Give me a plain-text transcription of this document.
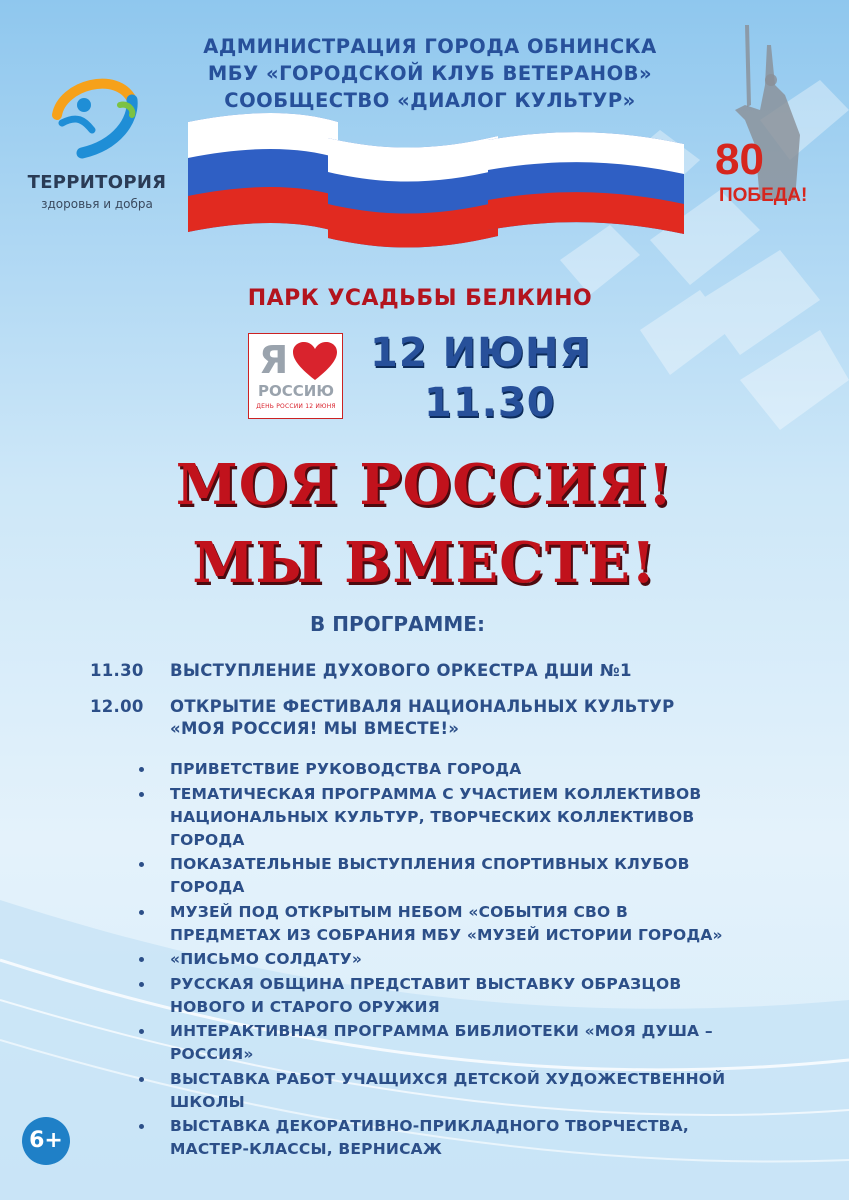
АДМИНИСТРАЦИЯ ГОРОДА ОБНИНСКА
МБУ «ГОРОДСКОЙ КЛУБ ВЕТЕРАНОВ»
СООБЩЕСТВО «ДИАЛОГ КУЛЬТУР»
ТЕРРИТОРИЯ
здоровья и добра
80
ПОБЕДА!
ПАРК УСАДЬБЫ БЕЛКИНО
Я
РОССИЮ
ДЕНЬ РОССИИ 12 ИЮНЯ
12 ИЮНЯ
11.30
МОЯ РОССИЯ!
МЫ ВМЕСТЕ!
В ПРОГРАММЕ:
11.30 ВЫСТУПЛЕНИЕ ДУХОВОГО ОРКЕСТРА ДШИ №1
12.00 ОТКРЫТИЕ ФЕСТИВАЛЯ НАЦИОНАЛЬНЫХ КУЛЬТУР
«МОЯ РОССИЯ! МЫ ВМЕСТЕ!»
ПРИВЕТСТВИЕ РУКОВОДСТВА ГОРОДА
ТЕМАТИЧЕСКАЯ ПРОГРАММА С УЧАСТИЕМ КОЛЛЕКТИВОВ
НАЦИОНАЛЬНЫХ КУЛЬТУР, ТВОРЧЕСКИХ КОЛЛЕКТИВОВ
ГОРОДА
ПОКАЗАТЕЛЬНЫЕ ВЫСТУПЛЕНИЯ СПОРТИВНЫХ КЛУБОВ
ГОРОДА
МУЗЕЙ ПОД ОТКРЫТЫМ НЕБОМ «СОБЫТИЯ СВО В
ПРЕДМЕТАХ ИЗ СОБРАНИЯ МБУ «МУЗЕЙ ИСТОРИИ ГОРОДА»
«ПИСЬМО СОЛДАТУ»
РУССКАЯ ОБЩИНА ПРЕДСТАВИТ ВЫСТАВКУ ОБРАЗЦОВ
НОВОГО И СТАРОГО ОРУЖИЯ
ИНТЕРАКТИВНАЯ ПРОГРАММА БИБЛИОТЕКИ «МОЯ ДУША –
РОССИЯ»
ВЫСТАВКА РАБОТ УЧАЩИХСЯ ДЕТСКОЙ ХУДОЖЕСТВЕННОЙ
ШКОЛЫ
ВЫСТАВКА ДЕКОРАТИВНО-ПРИКЛАДНОГО ТВОРЧЕСТВА,
МАСТЕР-КЛАССЫ, ВЕРНИСАЖ
6+
